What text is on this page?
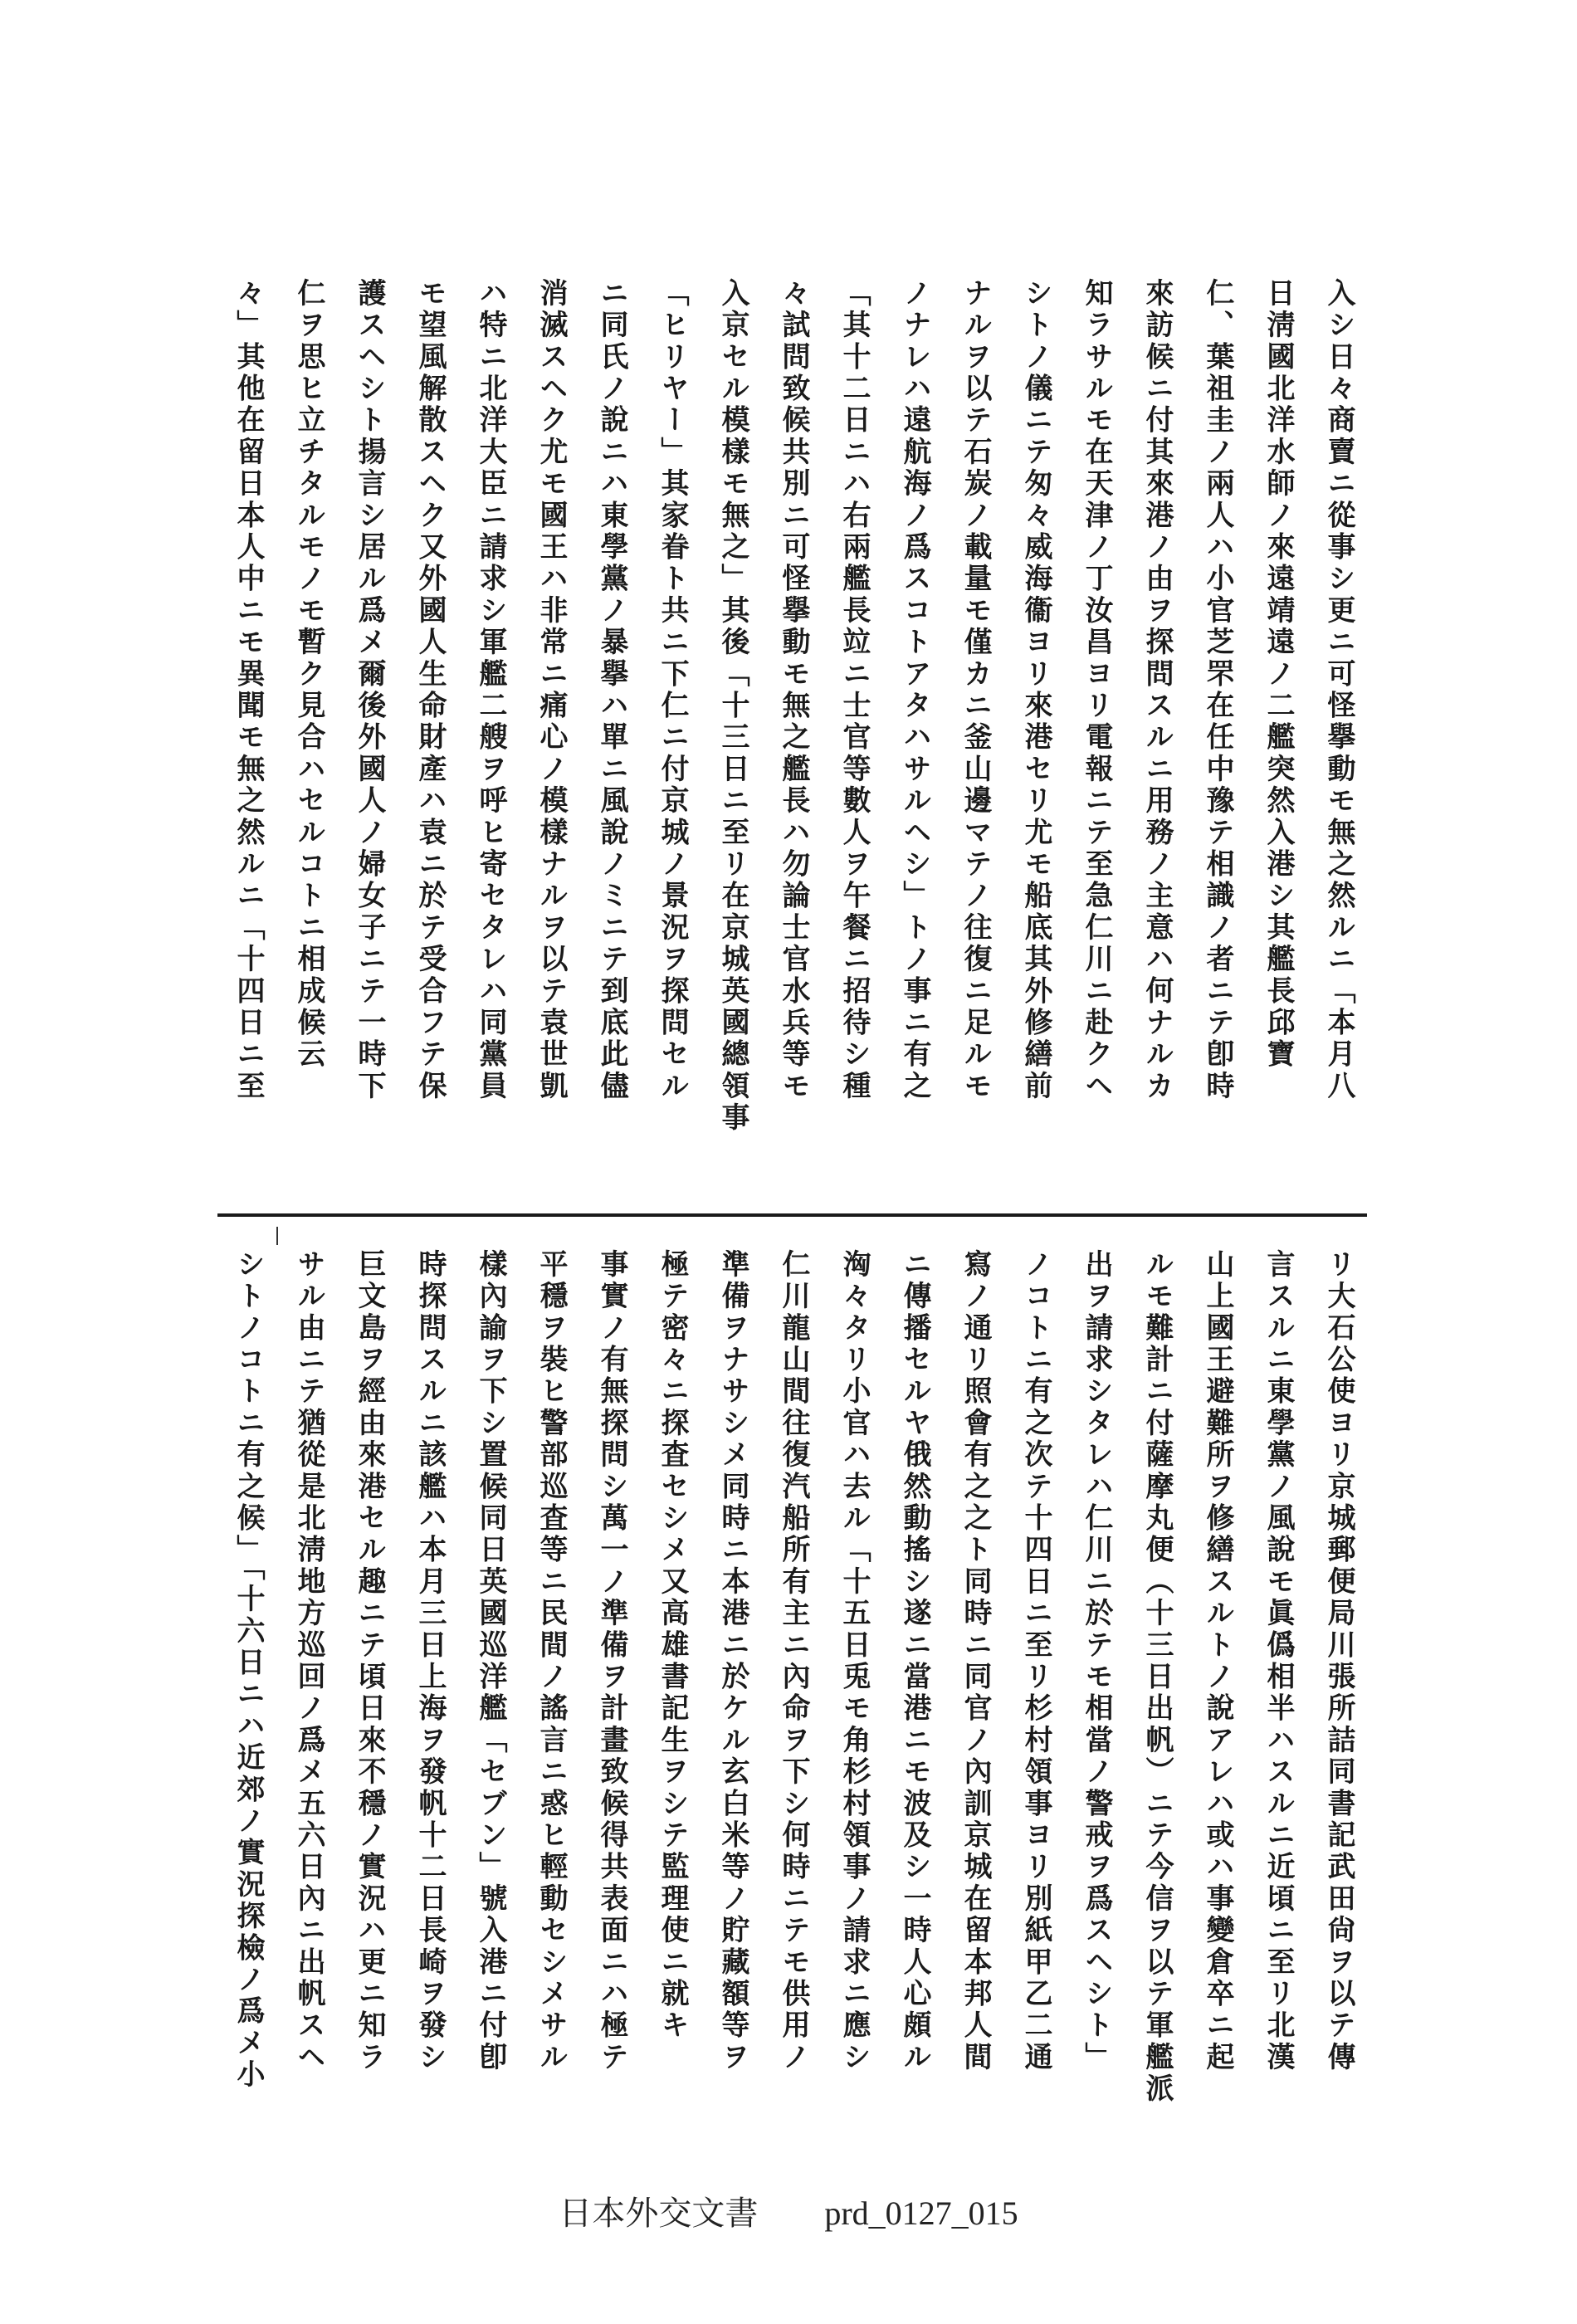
入シ日々商賣ニ從事シ更ニ可怪擧動モ無之然ルニ「本月八
日淸國北洋水師ノ來遠靖遠ノ二艦突然入港シ其艦長邱寶
仁、葉祖圭ノ兩人ハ小官芝罘在任中豫テ相識ノ者ニテ卽時
來訪候ニ付其來港ノ由ヲ探問スルニ用務ノ主意ハ何ナルカ
知ラサルモ在天津ノ丁汝昌ヨリ電報ニテ至急仁川ニ赴クヘ
シトノ儀ニテ匆々威海衞ヨリ來港セリ尤モ船底其外修繕前
ナルヲ以テ石炭ノ載量モ僅カニ釜山邊マテノ往復ニ足ルモ
ノナレハ遠航海ノ爲スコトアタハサルヘシ」トノ事ニ有之
「其十二日ニハ右兩艦長竝ニ士官等數人ヲ午餐ニ招待シ種
々試問致候共別ニ可怪擧動モ無之艦長ハ勿論士官水兵等モ
入京セル模樣モ無之」其後「十三日ニ至リ在京城英國總領事
「ヒリヤー」其家眷ト共ニ下仁ニ付京城ノ景況ヲ探問セル
ニ同氏ノ說ニハ東學黨ノ暴擧ハ單ニ風說ノミニテ到底此儘
消滅スヘク尤モ國王ハ非常ニ痛心ノ模樣ナルヲ以テ袁世凱
ハ特ニ北洋大臣ニ請求シ軍艦二艘ヲ呼ヒ寄セタレハ同黨員
モ望風解散スヘク又外國人生命財產ハ袁ニ於テ受合フテ保
護スヘシト揚言シ居ル爲メ爾後外國人ノ婦女子ニテ一時下
仁ヲ思ヒ立チタルモノモ暫ク見合ハセルコトニ相成候云
々」其他在留日本人中ニモ異聞モ無之然ルニ「十四日ニ至
リ大石公使ヨリ京城郵便局川張所詰同書記武田尙ヲ以テ傳
言スルニ東學黨ノ風說モ眞僞相半ハスルニ近頃ニ至リ北漢
山上國王避難所ヲ修繕スルトノ說アレハ或ハ事變倉卒ニ起
ルモ難計ニ付薩摩丸便（十三日出帆）ニテ今信ヲ以テ軍艦派
出ヲ請求シタレハ仁川ニ於テモ相當ノ警戒ヲ爲スヘシト」
ノコトニ有之次テ十四日ニ至リ杉村領事ヨリ別紙甲乙二通
寫ノ通リ照會有之之ト同時ニ同官ノ內訓京城在留本邦人間
ニ傳播セルヤ俄然動搖シ遂ニ當港ニモ波及シ一時人心頗ル
洶々タリ小官ハ去ル「十五日兎モ角杉村領事ノ請求ニ應シ
仁川龍山間往復汽船所有主ニ內命ヲ下シ何時ニテモ供用ノ
準備ヲナサシメ同時ニ本港ニ於ケル玄白米等ノ貯藏額等ヲ
極テ密々ニ探査セシメ又高雄書記生ヲシテ監理使ニ就キ
事實ノ有無探問シ萬一ノ準備ヲ計畫致候得共表面ニハ極テ
平穩ヲ裝ヒ警部巡査等ニ民間ノ謠言ニ惑ヒ輕動セシメサル
樣內諭ヲ下シ置候同日英國巡洋艦「セブン」號入港ニ付卽
時探問スルニ該艦ハ本月三日上海ヲ發帆十二日長崎ヲ發シ
巨文島ヲ經由來港セル趣ニテ頃日來不穩ノ實況ハ更ニ知ラ
サル由ニテ猶從是北淸地方巡回ノ爲メ五六日內ニ出帆スヘ
シトノコトニ有之候」「十六日ニハ近郊ノ實況探檢ノ爲メ小
日本外交文書 prd_0127_015
